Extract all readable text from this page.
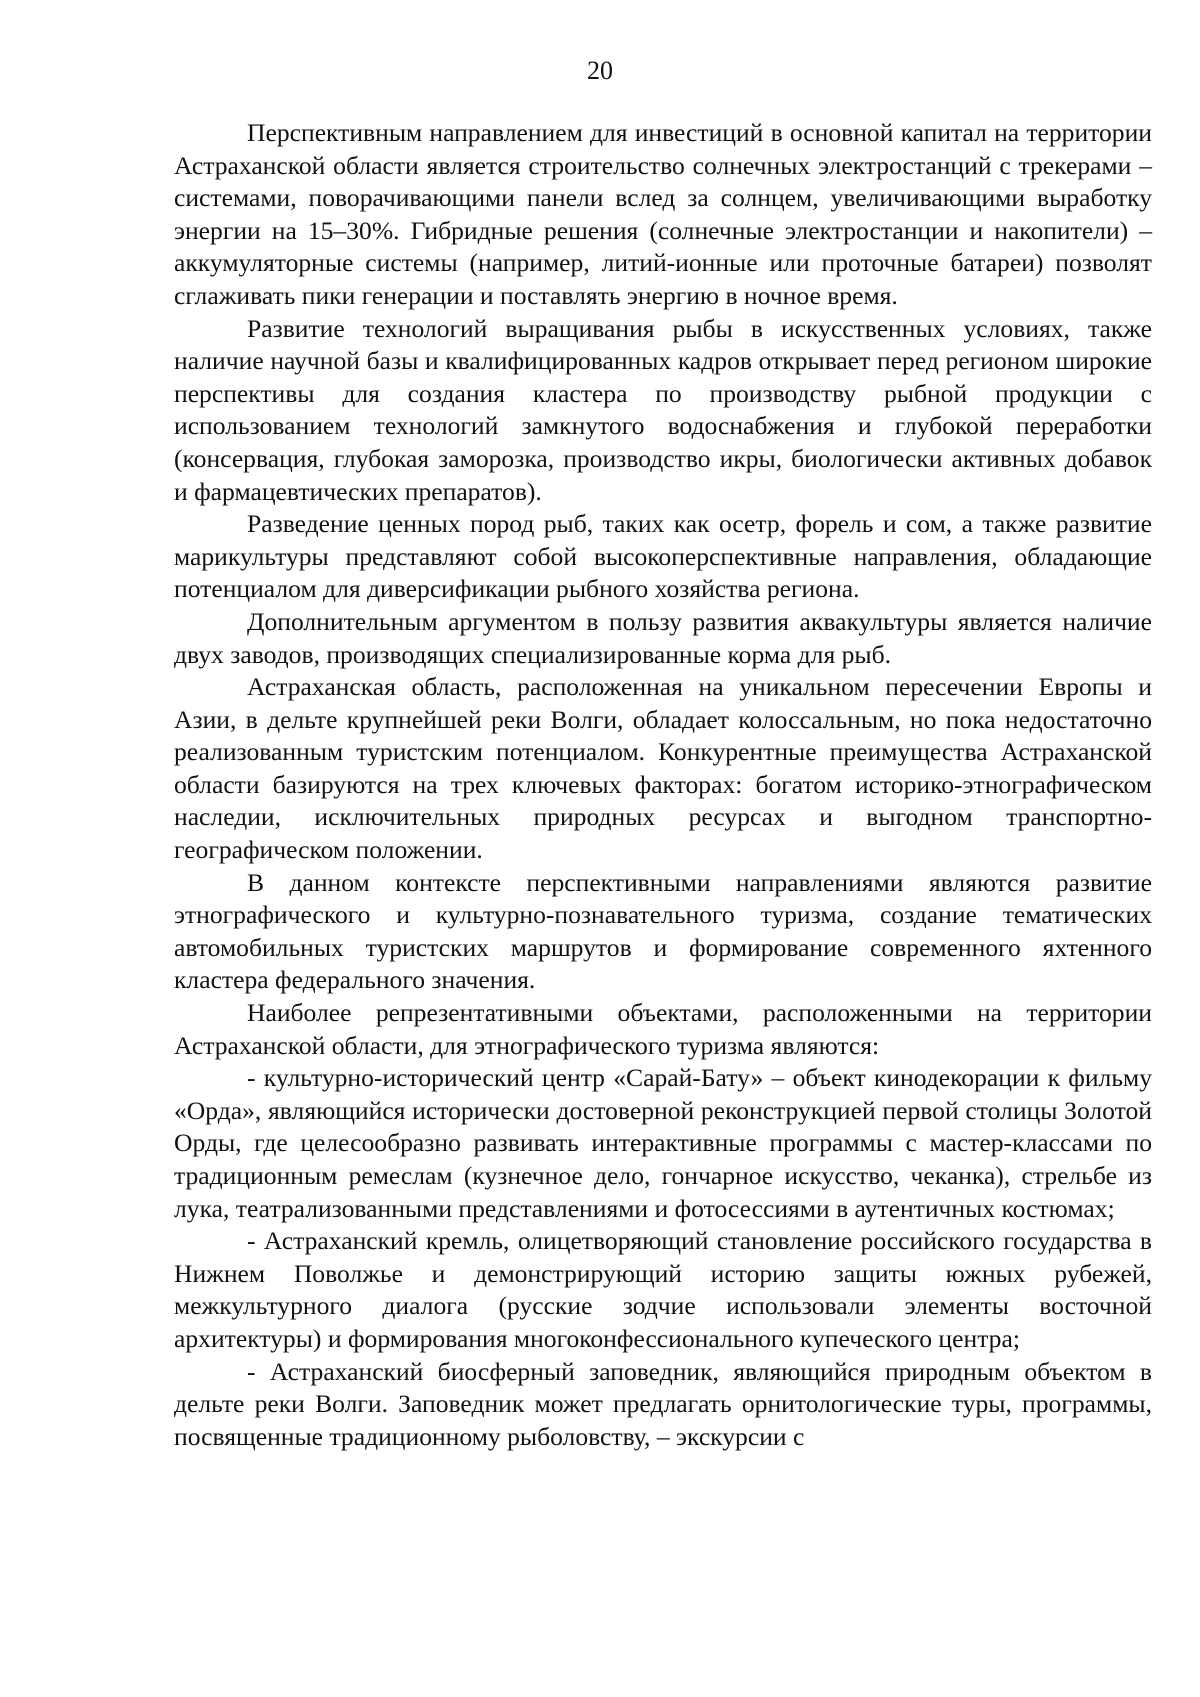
20

Перспективным направлением для инвестиций в основной капитал на территории Астраханской области является строительство солнечных электростанций с трекерами – системами, поворачивающими панели вслед за солнцем, увеличивающими выработку энергии на 15–30%. Гибридные решения (солнечные электростанции и накопители) – аккумуляторные системы (например, литий-ионные или проточные батареи) позволят сглаживать пики генерации и поставлять энергию в ночное время.

Развитие технологий выращивания рыбы в искусственных условиях, также наличие научной базы и квалифицированных кадров открывает перед регионом широкие перспективы для создания кластера по производству рыбной продукции с использованием технологий замкнутого водоснабжения и глубокой переработки (консервация, глубокая заморозка, производство икры, биологически активных добавок и фармацевтических препаратов).

Разведение ценных пород рыб, таких как осетр, форель и сом, а также развитие марикультуры представляют собой высокоперспективные направления, обладающие потенциалом для диверсификации рыбного хозяйства региона.

Дополнительным аргументом в пользу развития аквакультуры является наличие двух заводов, производящих специализированные корма для рыб.

Астраханская область, расположенная на уникальном пересечении Европы и Азии, в дельте крупнейшей реки Волги, обладает колоссальным, но пока недостаточно реализованным туристским потенциалом. Конкурентные преимущества Астраханской области базируются на трех ключевых факторах: богатом историко-этнографическом наследии, исключительных природных ресурсах и выгодном транспортно-географическом положении.

В данном контексте перспективными направлениями являются развитие этнографического и культурно-познавательного туризма, создание тематических автомобильных туристских маршрутов и формирование современного яхтенного кластера федерального значения.

Наиболее репрезентативными объектами, расположенными на территории Астраханской области, для этнографического туризма являются:

- культурно-исторический центр «Сарай-Бату» – объект кинодекорации к фильму «Орда», являющийся исторически достоверной реконструкцией первой столицы Золотой Орды, где целесообразно развивать интерактивные программы с мастер-классами по традиционным ремеслам (кузнечное дело, гончарное искусство, чеканка), стрельбе из лука, театрализованными представлениями и фотосессиями в аутентичных костюмах;

- Астраханский кремль, олицетворяющий становление российского государства в Нижнем Поволжье и демонстрирующий историю защиты южных рубежей, межкультурного диалога (русские зодчие использовали элементы восточной архитектуры) и формирования многоконфессионального купеческого центра;

- Астраханский биосферный заповедник, являющийся природным объектом в дельте реки Волги. Заповедник может предлагать орнитологические туры, программы, посвященные традиционному рыболовству, – экскурсии с
